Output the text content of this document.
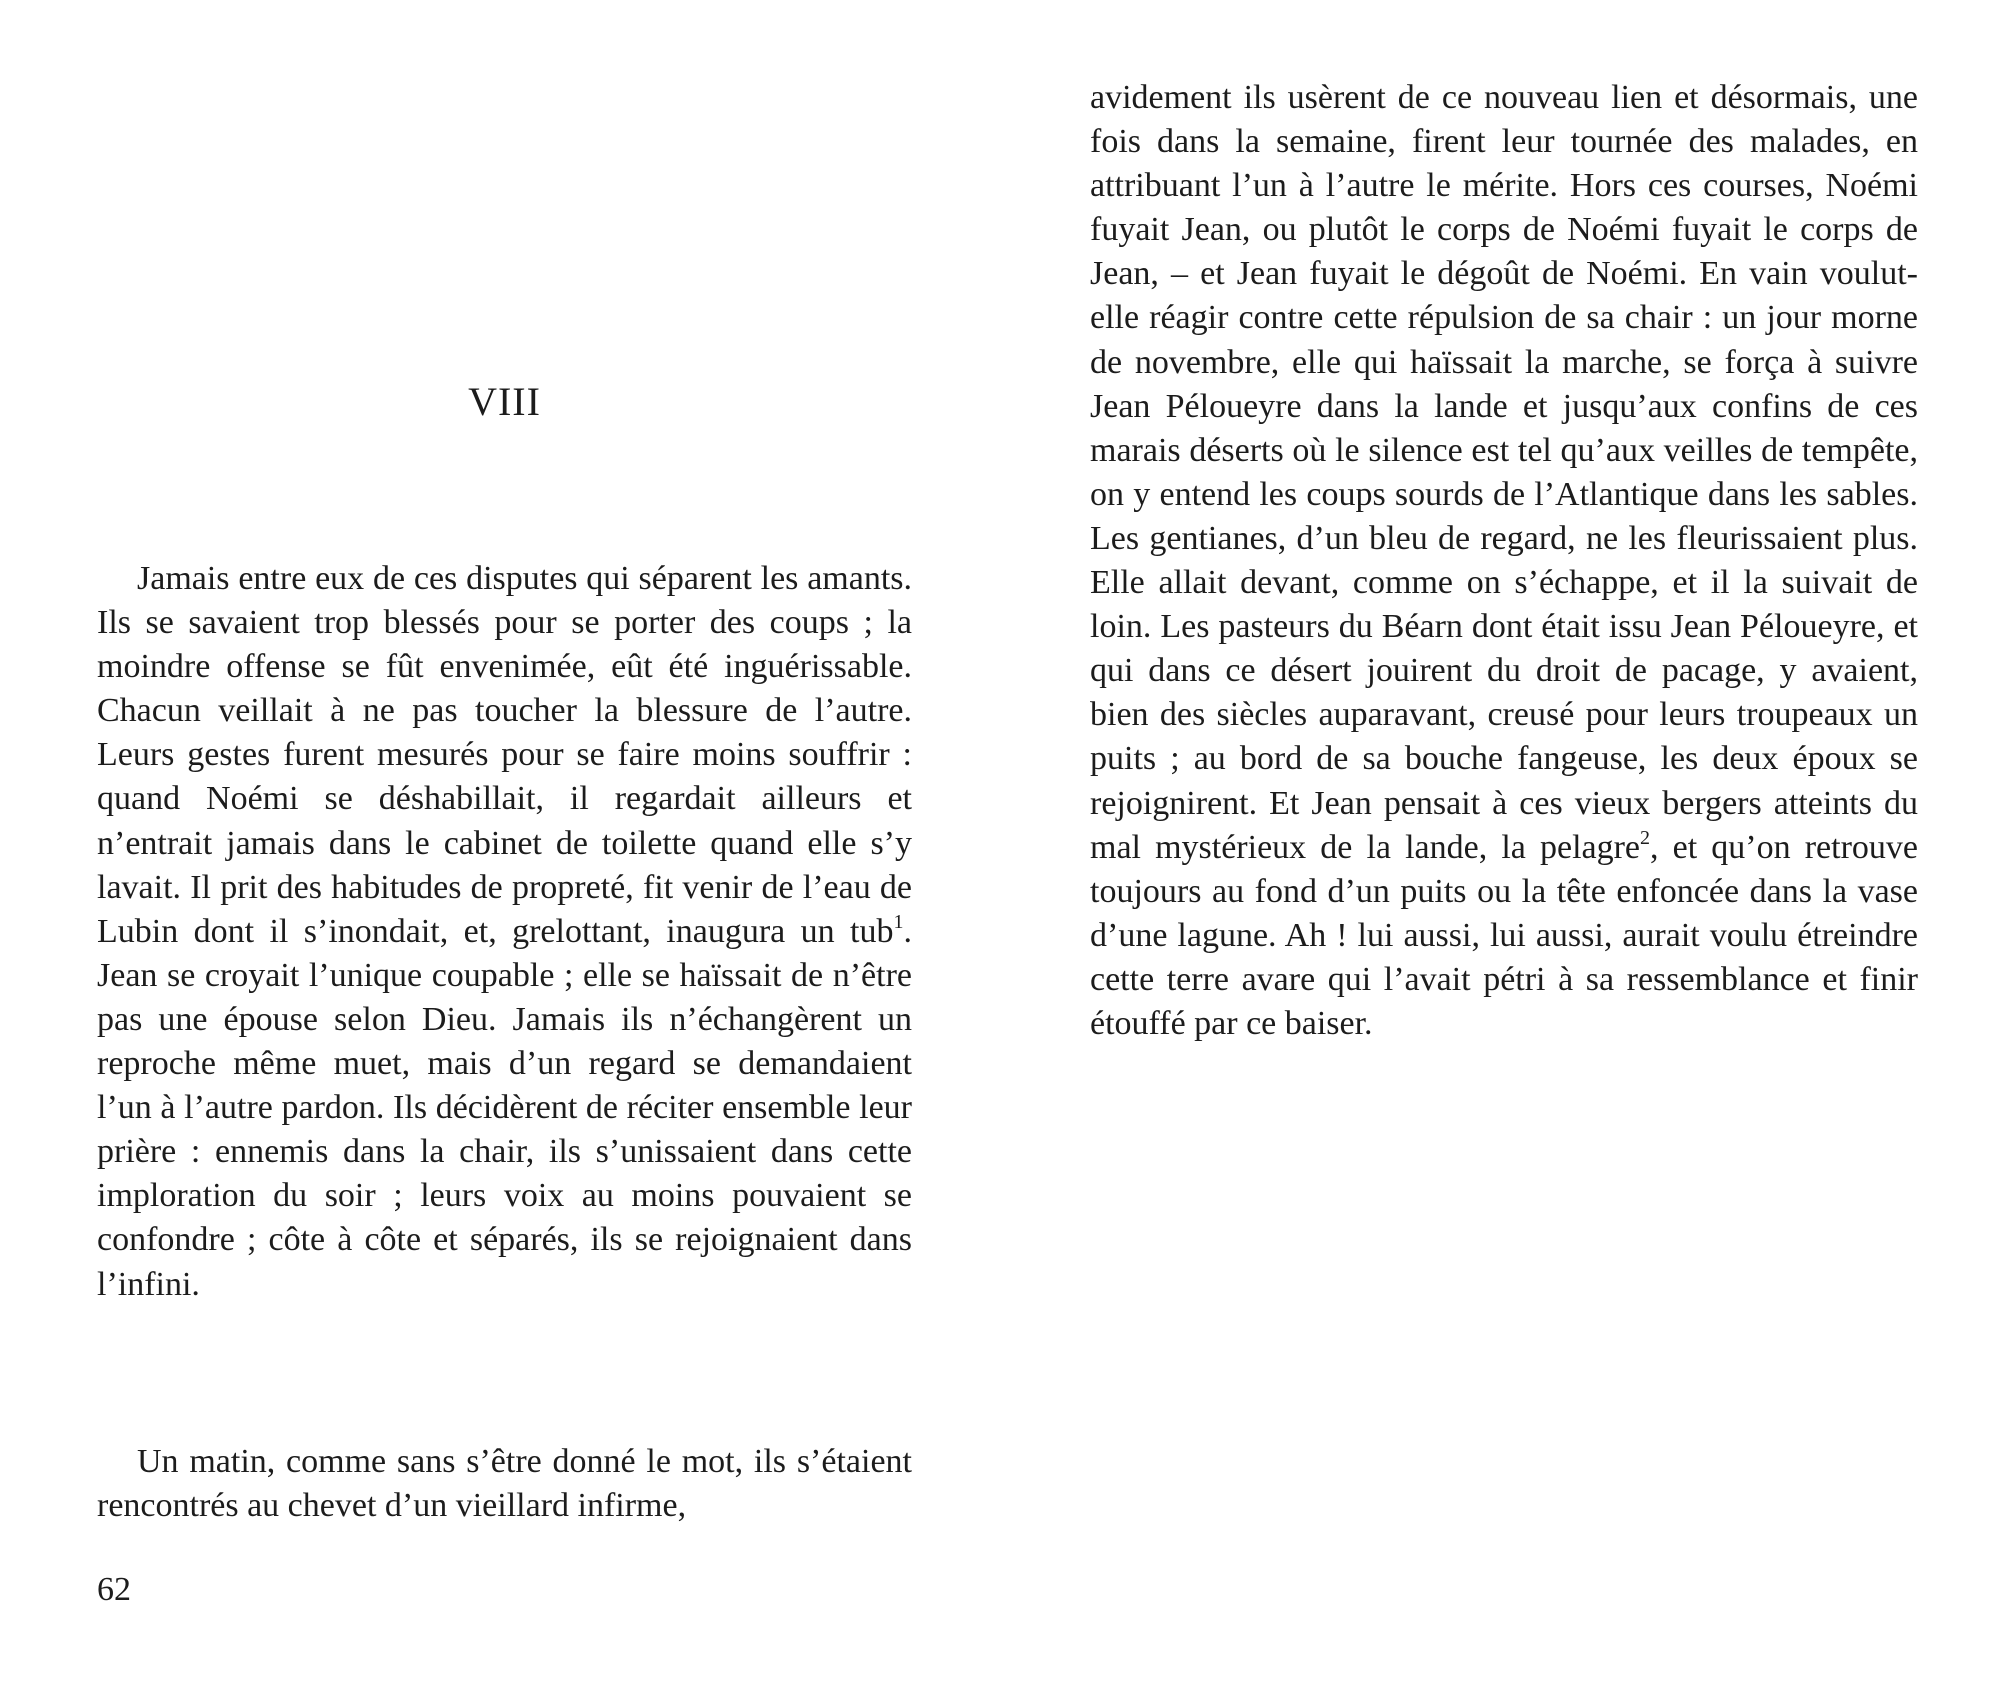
VIII

Jamais entre eux de ces disputes qui séparent les amants. Ils se savaient trop blessés pour se porter des coups ; la moindre offense se fût envenimée, eût été inguérissable. Chacun veillait à ne pas toucher la blessure de l’autre. Leurs gestes furent mesurés pour se faire moins souffrir : quand Noémi se déshabillait, il regardait ailleurs et n’entrait jamais dans le cabinet de toilette quand elle s’y lavait. Il prit des habitudes de propreté, fit venir de l’eau de Lubin dont il s’inondait, et, grelottant, inaugura un tub$^1$. Jean se croyait l’unique coupable ; elle se haïssait de n’être pas une épouse selon Dieu. Jamais ils n’échangèrent un reproche même muet, mais d’un regard se demandaient l’un à l’autre pardon. Ils décidèrent de réciter ensemble leur prière : ennemis dans la chair, ils s’unissaient dans cette imploration du soir ; leurs voix au moins pouvaient se confondre ; côte à côte et séparés, ils se rejoignaient dans l’infini.

Un matin, comme sans s’être donné le mot, ils s’étaient rencontrés au chevet d’un vieillard infirme,

62

avidement ils usèrent de ce nouveau lien et désormais, une fois dans la semaine, firent leur tournée des malades, en attribuant l’un à l’autre le mérite. Hors ces courses, Noémi fuyait Jean, ou plutôt le corps de Noémi fuyait le corps de Jean, – et Jean fuyait le dégoût de Noémi. En vain voulut-elle réagir contre cette répulsion de sa chair : un jour morne de novembre, elle qui haïssait la marche, se força à suivre Jean Péloueyre dans la lande et jusqu’aux confins de ces marais déserts où le silence est tel qu’aux veilles de tempête, on y entend les coups sourds de l’Atlantique dans les sables. Les gentianes, d’un bleu de regard, ne les fleurissaient plus. Elle allait devant, comme on s’échappe, et il la suivait de loin. Les pasteurs du Béarn dont était issu Jean Péloueyre, et qui dans ce désert jouirent du droit de pacage, y avaient, bien des siècles auparavant, creusé pour leurs troupeaux un puits ; au bord de sa bouche fangeuse, les deux époux se rejoignirent. Et Jean pensait à ces vieux bergers atteints du mal mystérieux de la lande, la pelagre$^2$, et qu’on retrouve toujours au fond d’un puits ou la tête enfoncée dans la vase d’une lagune. Ah ! lui aussi, lui aussi, aurait voulu étreindre cette terre avare qui l’avait pétri à sa ressemblance et finir étouffé par ce baiser.
